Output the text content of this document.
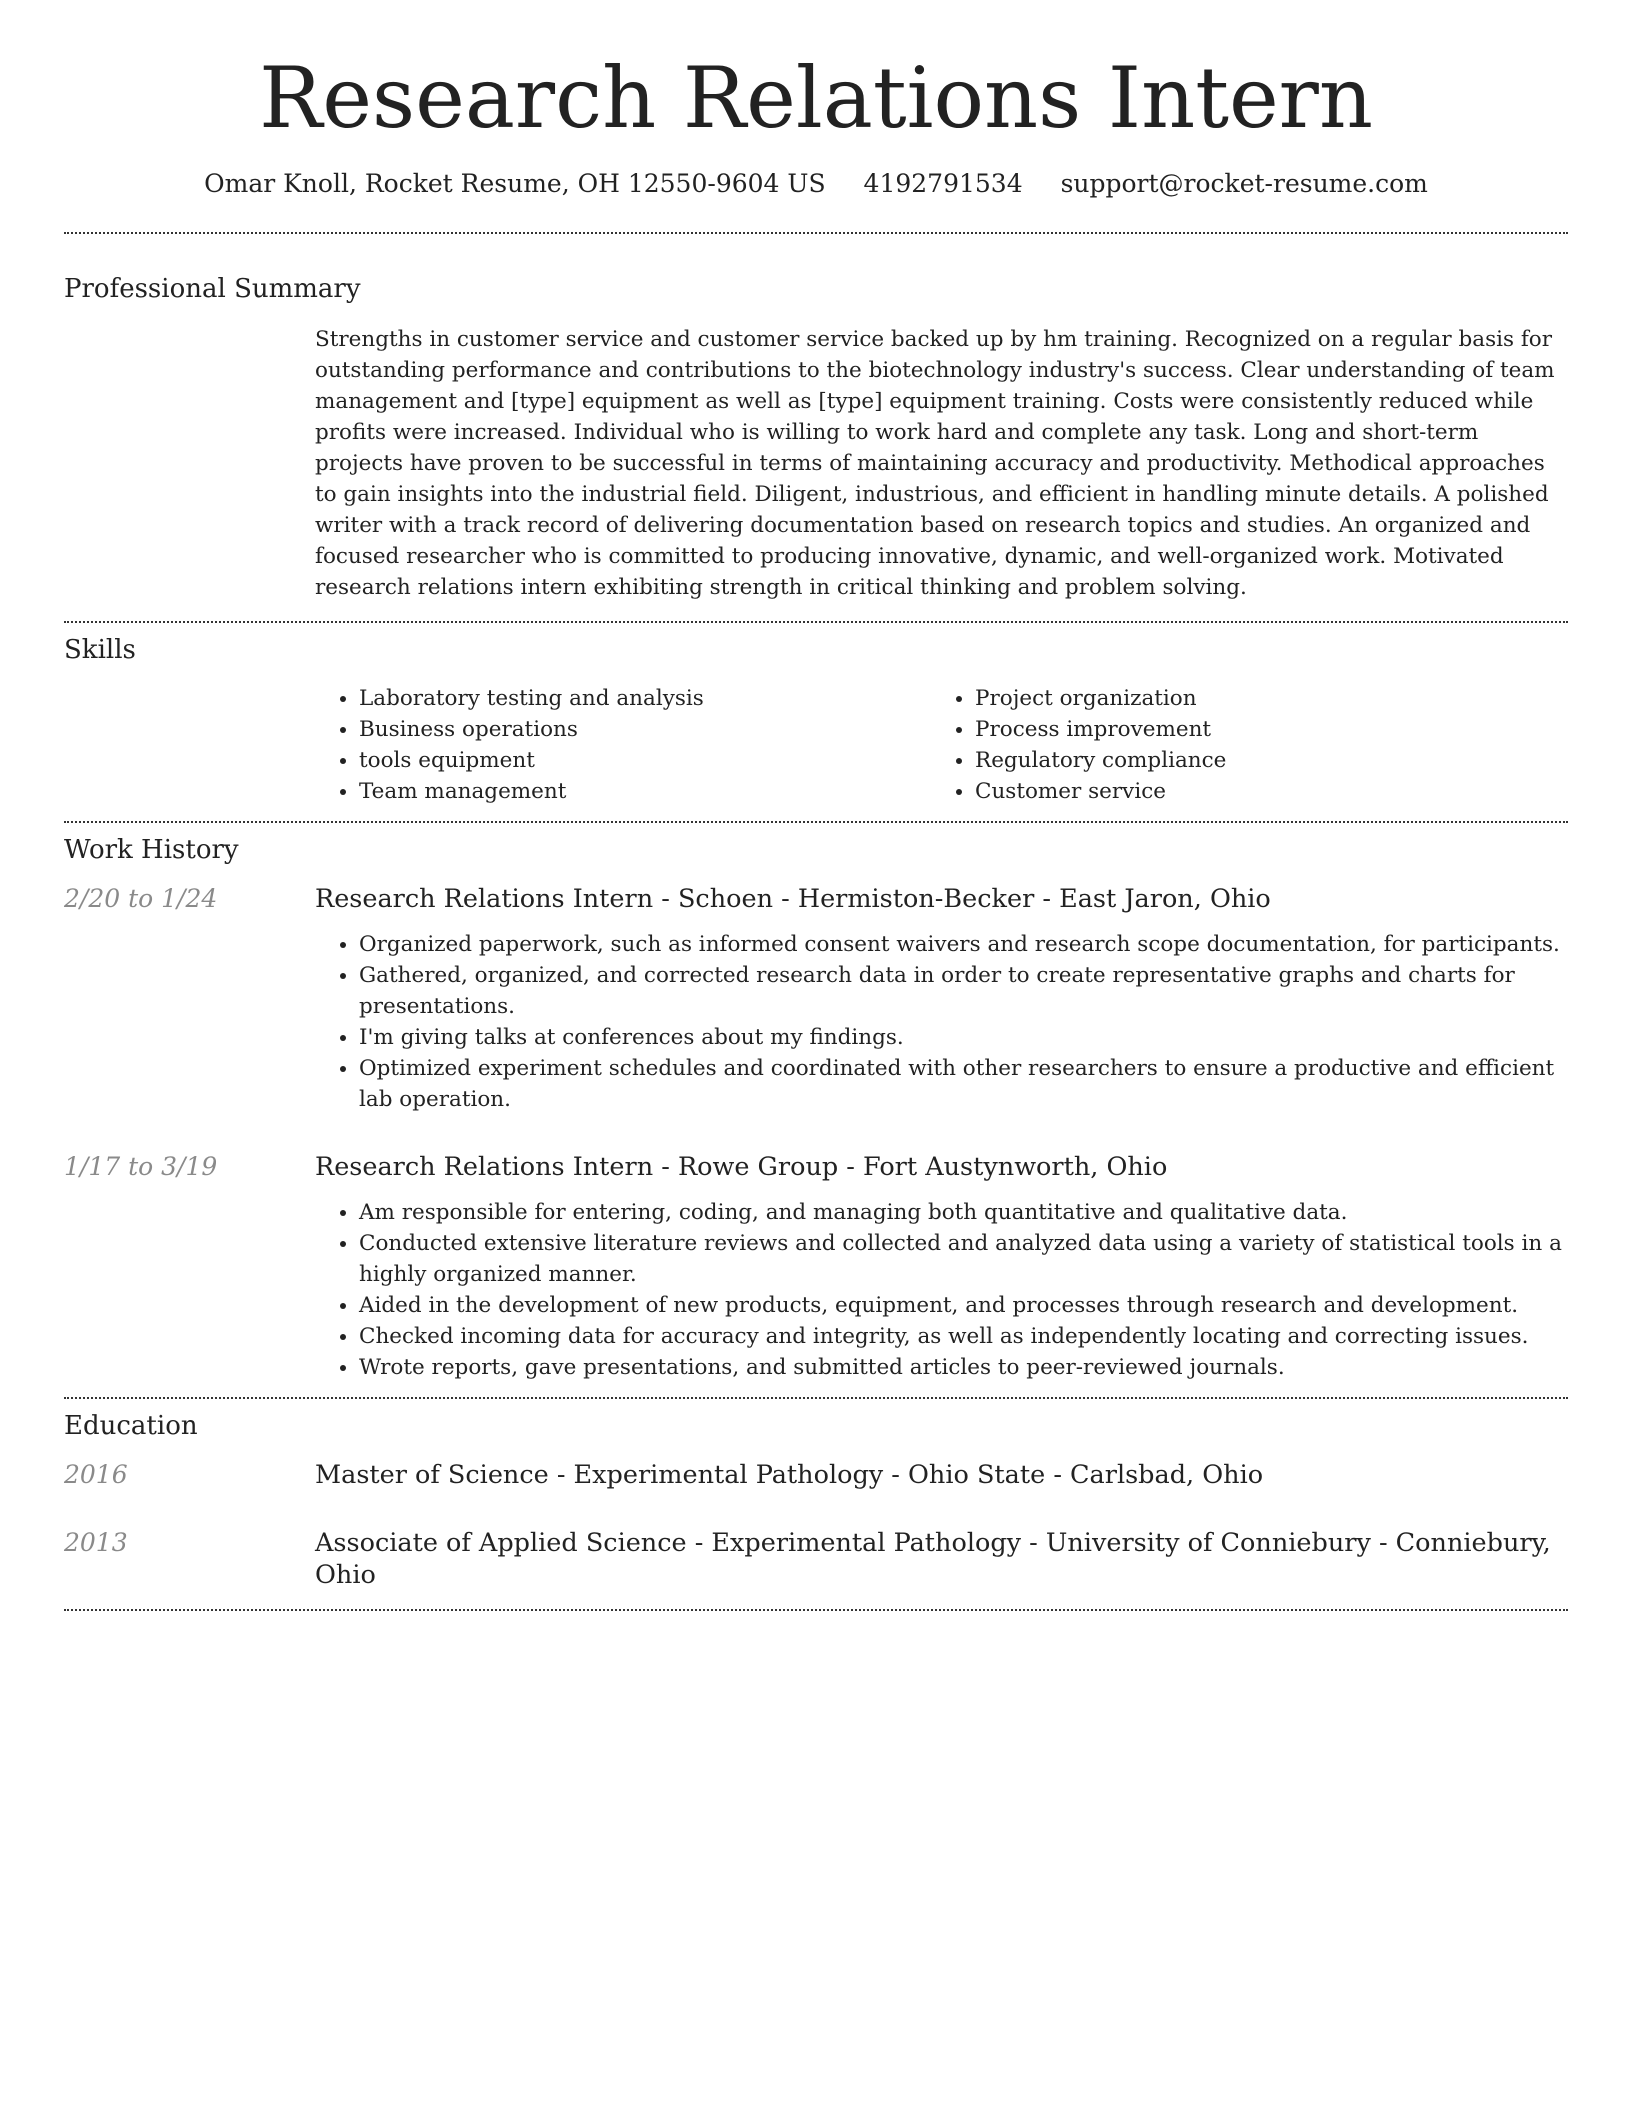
Research Relations Intern
Omar Knoll, Rocket Resume, OH 12550-9604 US 4192791534 support@rocket-resume.com
Professional Summary
Strengths in customer service and customer service backed up by hm training. Recognized on a regular basis for outstanding performance and contributions to the biotechnology industry's success. Clear understanding of team management and [type] equipment as well as [type] equipment training. Costs were consistently reduced while profits were increased. Individual who is willing to work hard and complete any task. Long and short-term projects have proven to be successful in terms of maintaining accuracy and productivity. Methodical approaches to gain insights into the industrial field. Diligent, industrious, and efficient in handling minute details. A polished writer with a track record of delivering documentation based on research topics and studies. An organized and focused researcher who is committed to producing innovative, dynamic, and well-organized work. Motivated research relations intern exhibiting strength in critical thinking and problem solving.
Skills
• Laboratory testing and analysis
• Business operations
• tools equipment
• Team management
• Project organization
• Process improvement
• Regulatory compliance
• Customer service
Work History
2/20 to 1/24	Research Relations Intern - Schoen - Hermiston-Becker - East Jaron, Ohio
• Organized paperwork, such as informed consent waivers and research scope documentation, for participants.
• Gathered, organized, and corrected research data in order to create representative graphs and charts for presentations.
• I'm giving talks at conferences about my findings.
• Optimized experiment schedules and coordinated with other researchers to ensure a productive and efficient lab operation.
1/17 to 3/19	Research Relations Intern - Rowe Group - Fort Austynworth, Ohio
• Am responsible for entering, coding, and managing both quantitative and qualitative data.
• Conducted extensive literature reviews and collected and analyzed data using a variety of statistical tools in a highly organized manner.
• Aided in the development of new products, equipment, and processes through research and development.
• Checked incoming data for accuracy and integrity, as well as independently locating and correcting issues.
• Wrote reports, gave presentations, and submitted articles to peer-reviewed journals.
Education
2016	Master of Science - Experimental Pathology - Ohio State - Carlsbad, Ohio
2013	Associate of Applied Science - Experimental Pathology - University of Conniebury - Conniebury, Ohio
